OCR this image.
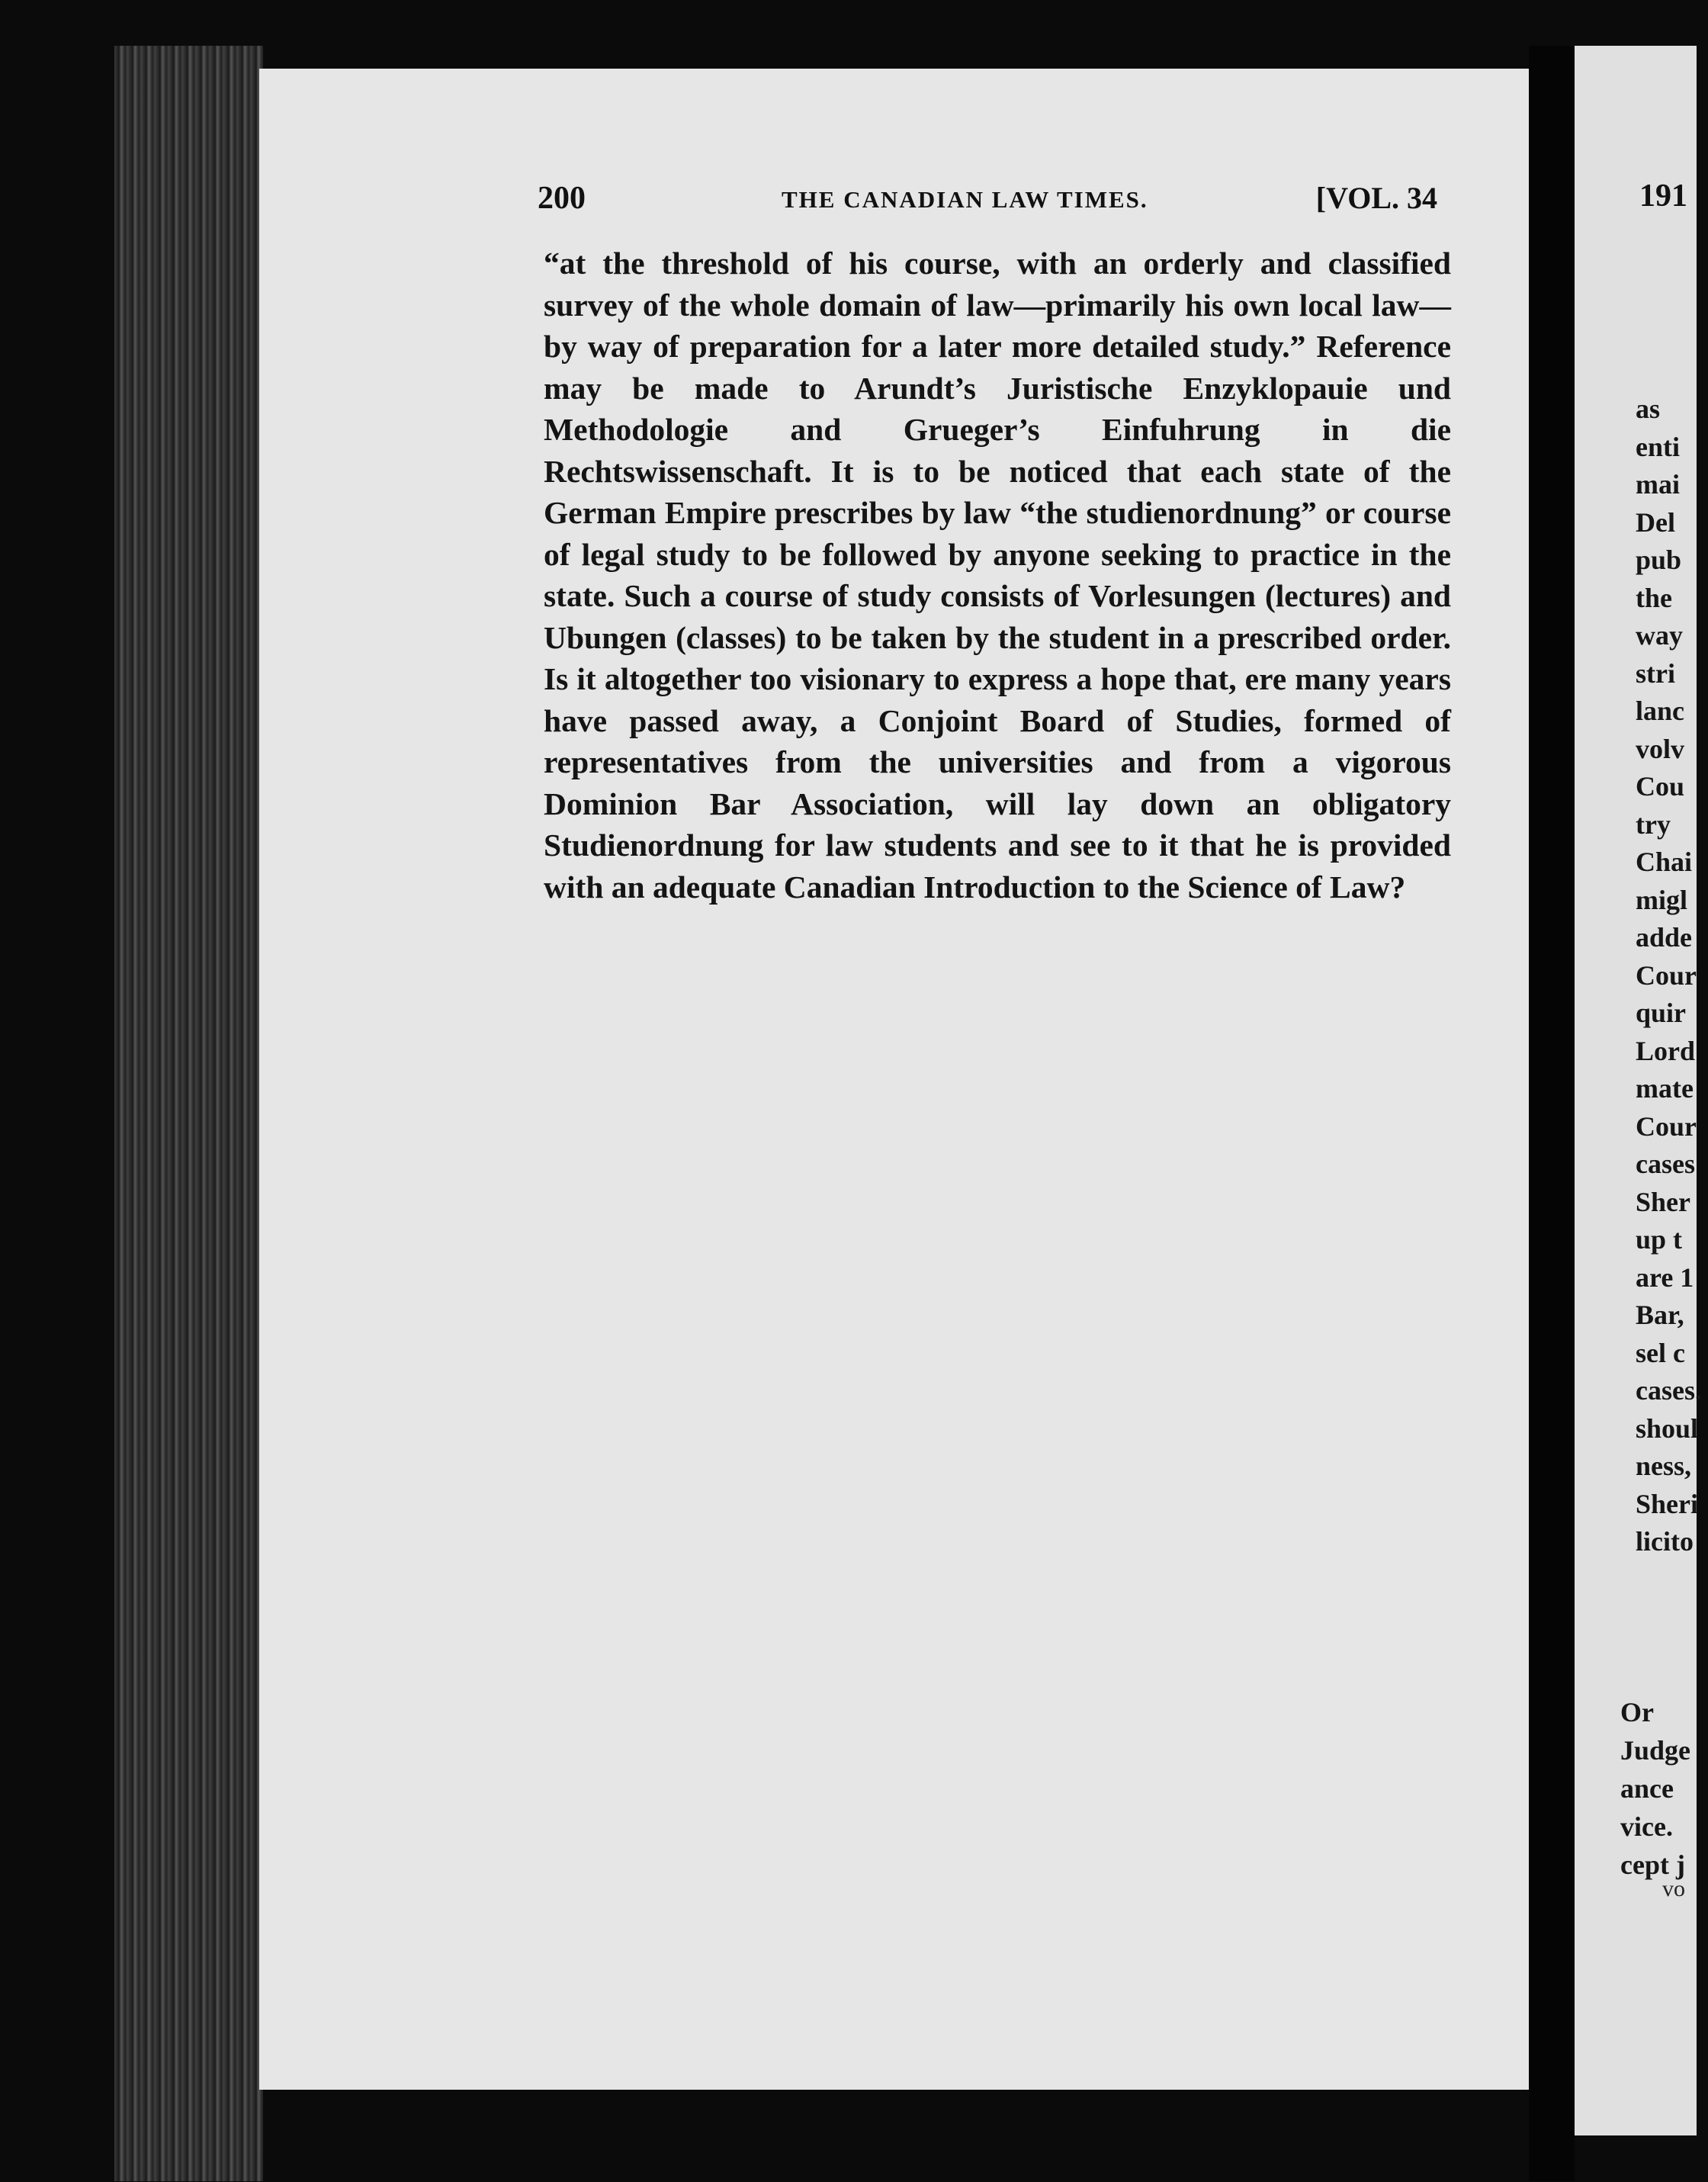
200	THE CANADIAN LAW TIMES.	[VOL. 34
“at the threshold of his course, with an orderly and classified survey of the whole domain of law—primarily his own local law—by way of preparation for a later more detailed study.” Reference may be made to Arundt’s Juristische Enzyklopauie und Methodologie and Grueger’s Einfuhrung in die Rechtswissenschaft. It is to be noticed that each state of the German Empire prescribes by law “the studienordnung” or course of legal study to be followed by anyone seeking to practice in the state. Such a course of study consists of Vorlesungen (lectures) and Ubungen (classes) to be taken by the student in a prescribed order. Is it altogether too visionary to express a hope that, ere many years have passed away, a Conjoint Board of Studies, formed of representatives from the universities and from a vigorous Dominion Bar Association, will lay down an obligatory Studienordnung for law students and see to it that he is provided with an adequate Canadian Introduction to the Science of Law?
191
as
enti
mai
Del
pub
the
way
stri
lanc
volv
Cou
try
Chai
migl
adde
Cour
quir
Lord
mate
Cour
cases
Sher
up t
are 1
Bar,
sel c
cases.
shoul
ness,
Sheri
licito
Or
Judge
ance
vice.
cept j
vo
